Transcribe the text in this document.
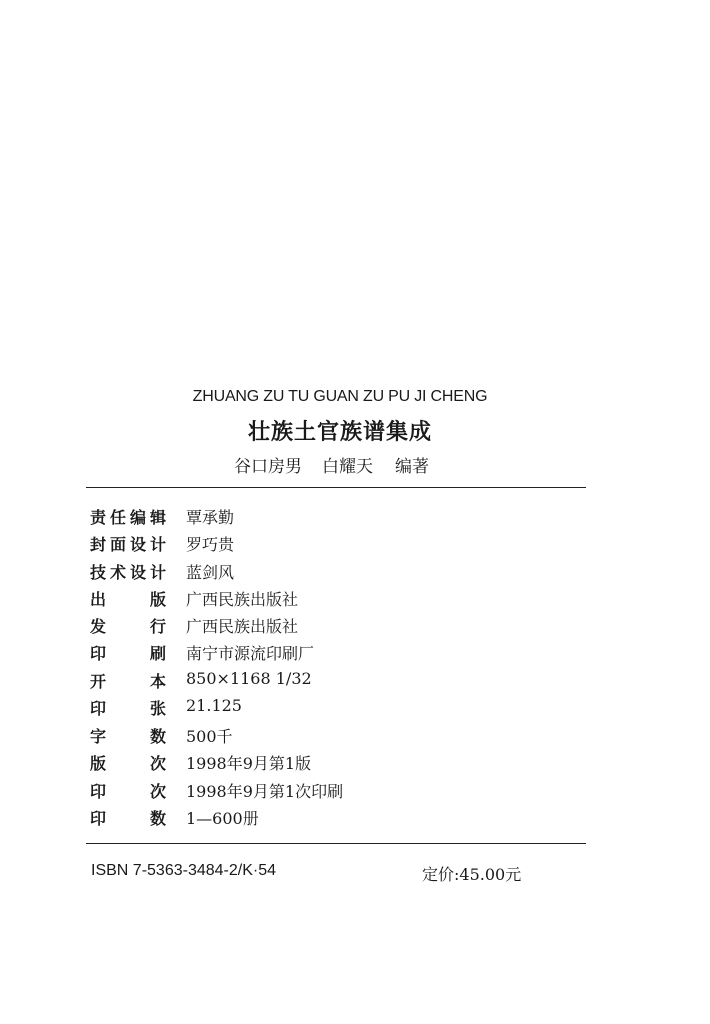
ZHUANG ZU TU GUAN ZU PU JI CHENG
壮族土官族谱集成
谷口房男 白耀天 编著
责任编辑 覃承勤
封面设计 罗巧贵
技术设计 蓝剑风
出版 广西民族出版社
发行 广西民族出版社
印刷 南宁市源流印刷厂
开本 850×1168 1/32
印张 21.125
字数 500千
版次 1998年9月第1版
印次 1998年9月第1次印刷
印数 1—600册
ISBN 7-5363-3484-2/K·54	定价:45.00元
